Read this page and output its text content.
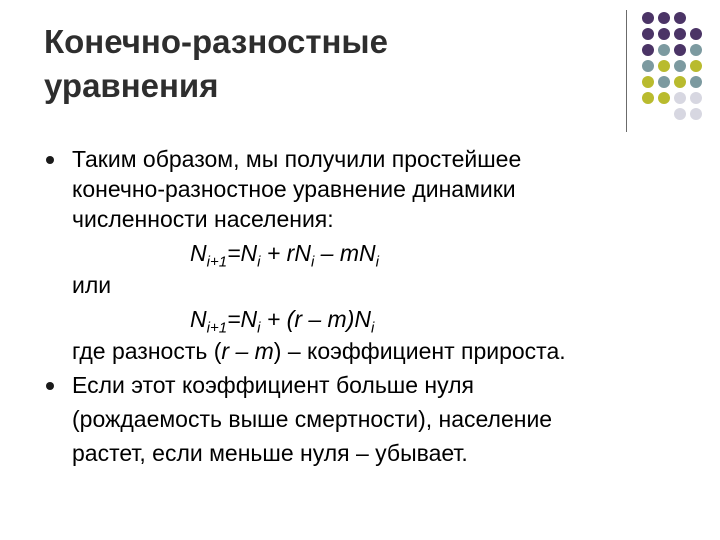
Конечно-разностные
уравнения
Таким образом, мы получили простейшее
конечно-разностное уравнение динамики
численности населения:
$N_{i+1}=N_i + rN_i - mN_i$
или
$N_{i+1}=N_i + (r - m)N_i$
где разность (r – m) – коэффициент прироста.
Если этот коэффициент больше нуля
(рождаемость выше смертности), население
растет, если меньше нуля – убывает.
